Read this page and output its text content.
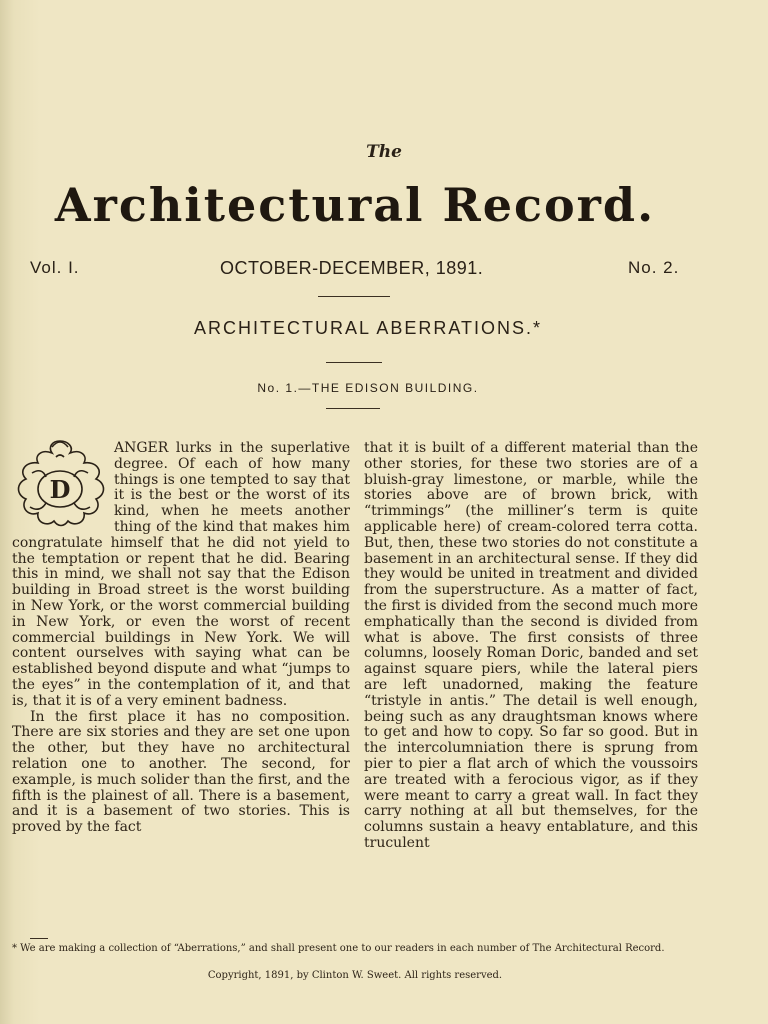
The
Architectural Record.
Vol. I.	OCTOBER-DECEMBER, 1891.	No. 2.
ARCHITECTURAL ABERRATIONS.*
No. 1.—THE EDISON BUILDING.
D

ANGER lurks in the superlative degree. Of each of how many things is one tempted to say that it is the best or the worst of its kind, when he meets another thing of the kind that makes him congratulate himself that he did not yield to the temptation or repent that he did. Bearing this in mind, we shall not say that the Edison building in Broad street is the worst building in New York, or the worst commercial building in New York, or even the worst of recent commercial buildings in New York. We will content ourselves with saying what can be established beyond dispute and what “jumps to the eyes” in the contemplation of it, and that is, that it is of a very eminent badness.

In the first place it has no composition. There are six stories and they are set one upon the other, but they have no architectural relation one to another. The second, for example, is much solider than the first, and the fifth is the plainest of all. There is a basement, and it is a basement of two stories. This is proved by the fact

that it is built of a different material than the other stories, for these two stories are of a bluish-gray limestone, or marble, while the stories above are of brown brick, with “trimmings” (the milliner’s term is quite applicable here) of cream-colored terra cotta. But, then, these two stories do not constitute a basement in an architectural sense. If they did they would be united in treatment and divided from the superstructure. As a matter of fact, the first is divided from the second much more emphatically than the second is divided from what is above. The first consists of three columns, loosely Roman Doric, banded and set against square piers, while the lateral piers are left unadorned, making the feature “tristyle in antis.” The detail is well enough, being such as any draughtsman knows where to get and how to copy. So far so good. But in the intercolumniation there is sprung from pier to pier a flat arch of which the voussoirs are treated with a ferocious vigor, as if they were meant to carry a great wall. In fact they carry nothing at all but themselves, for the columns sustain a heavy entablature, and this truculent

* We are making a collection of “Aberrations,” and shall present one to our readers in each number of The Architectural Record.
Copyright, 1891, by Clinton W. Sweet. All rights reserved.
